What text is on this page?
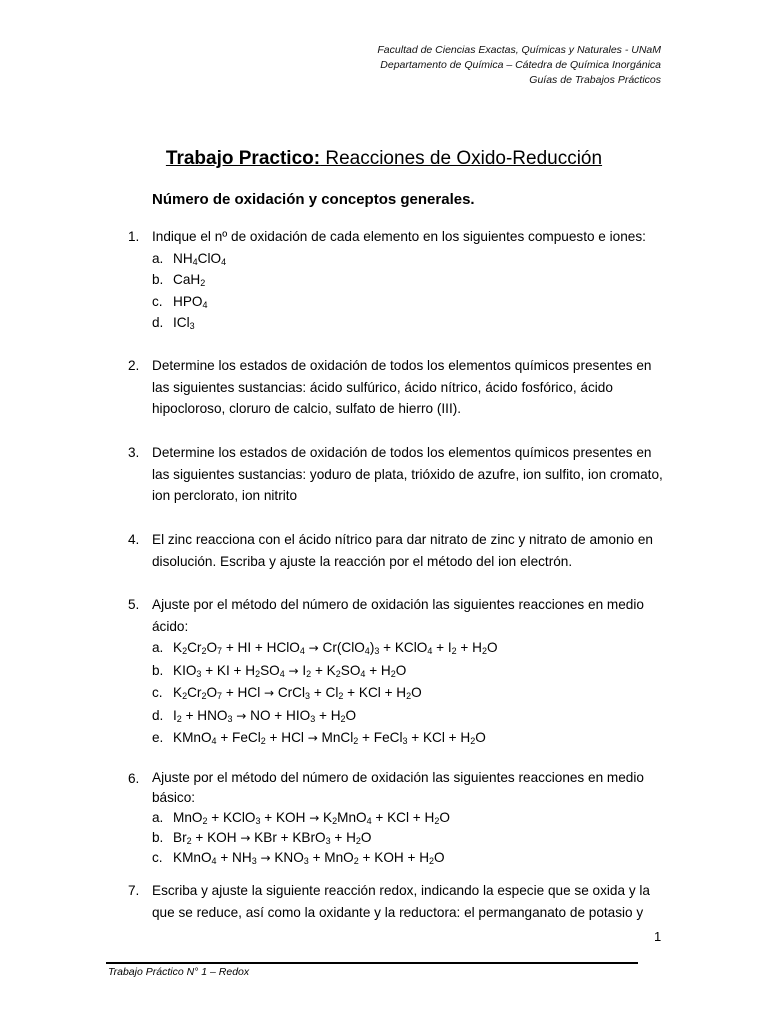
Facultad de Ciencias Exactas, Químicas y Naturales - UNaM
Departamento de Química – Cátedra de Química Inorgánica
Guías de Trabajos Prácticos
Trabajo Practico: Reacciones de Oxido-Reducción
Número de oxidación y conceptos generales.
1. Indique el nº de oxidación de cada elemento en los siguientes compuesto e iones:
a. $NH_4ClO_4$
b. CaH$_2$
c. $HPO_4$
d. ICl$_3$
2. Determine los estados de oxidación de todos los elementos químicos presentes en las siguientes sustancias: ácido sulfúrico, ácido nítrico, ácido fosfórico, ácido hipocloroso, cloruro de calcio, sulfato de hierro (III).
3. Determine los estados de oxidación de todos los elementos químicos presentes en las siguientes sustancias: yoduro de plata, trióxido de azufre, ion sulfito, ion cromato, ion perclorato, ion nitrito
4. El zinc reacciona con el ácido nítrico para dar nitrato de zinc y nitrato de amonio en disolución. Escriba y ajuste la reacción por el método del ion electrón.
5. Ajuste por el método del número de oxidación las siguientes reacciones en medio ácido:
a. $K_2Cr_2O_7$ + HI + HClO$_4$ → $Cr(ClO_4)_3$ + KClO$_4$ + $I_2 + H_2O$
b. $KIO_3$ + KI + $H_2SO_4 \to I_2 + K_2SO_4 + H_2O$
c. $K_2Cr_2O_7$ + HCl → CrCl$_3$ + $Cl_2$ + KCl + $H_2O$
d. $I_2 + HNO_3$ → NO + $HIO_3 + H_2O$
e. KMnO$_4$ + FeCl$_2$ + HCl → MnCl$_2$ + FeCl$_3$ + KCl + $H_2O$
6. Ajuste por el método del número de oxidación las siguientes reacciones en medio básico:
a. MnO$_2$ + KClO$_3$ + KOH → $K_2MnO_4$ + KCl + $H_2O$
b. $Br_2$ + KOH → KBr + KBrO$_3$ + $H_2O$
c. KMnO$_4$ + $NH_3 \to KNO_3 + MnO_2$ + KOH + $H_2O$
7. Escriba y ajuste la siguiente reacción redox, indicando la especie que se oxida y la que se reduce, así como la oxidante y la reductora: el permanganato de potasio y
1
Trabajo Práctico N° 1 – Redox
